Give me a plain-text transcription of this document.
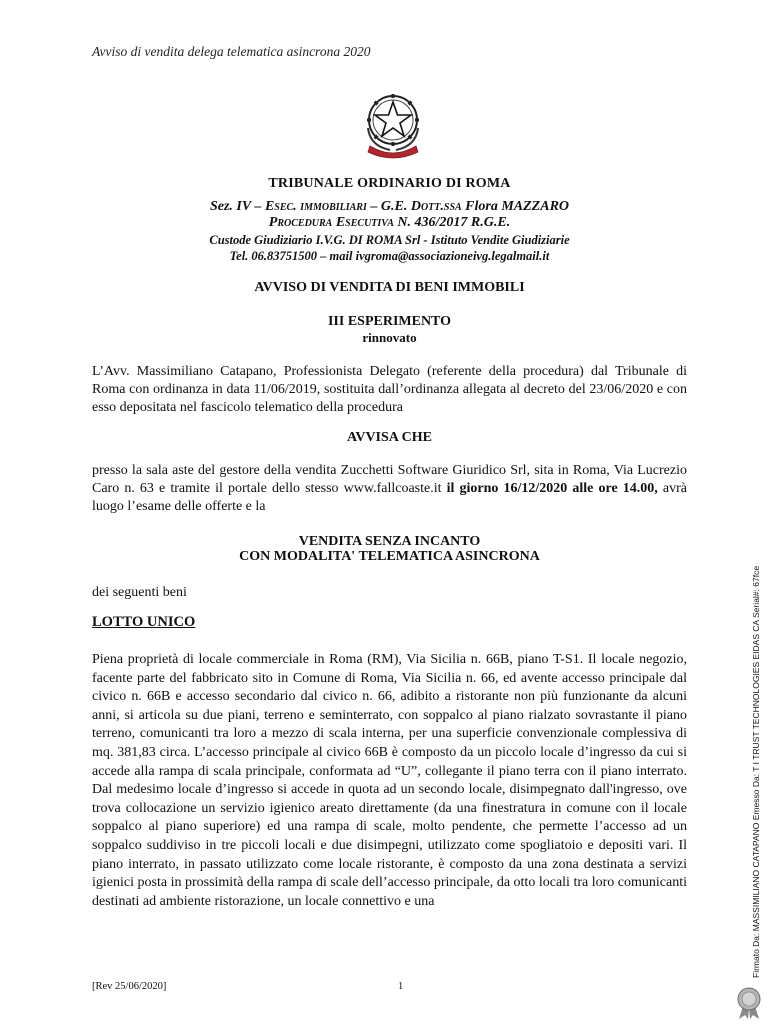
Avviso di vendita delega telematica asincrona 2020
TRIBUNALE ORDINARIO DI ROMA
Sez. IV – Esec. immobiliari – G.E. Dott.ssa Flora MAZZARO
Procedura Esecutiva N. 436/2017 R.G.E.
Custode Giudiziario I.V.G. DI ROMA Srl - Istituto Vendite Giudiziarie
Tel. 06.83751500 – mail ivgroma@associazioneivg.legalmail.it
AVVISO DI VENDITA DI BENI IMMOBILI
III ESPERIMENTO
rinnovato
L’Avv. Massimiliano Catapano, Professionista Delegato (referente della procedura) dal Tribunale di Roma con ordinanza in data 11/06/2019, sostituita dall’ordinanza allegata al decreto del 23/06/2020 e con esso depositata nel fascicolo telematico della procedura
AVVISA CHE
presso la sala aste del gestore della vendita Zucchetti Software Giuridico Srl, sita in Roma, Via Lucrezio Caro n. 63 e tramite il portale dello stesso www.fallcoaste.it il giorno 16/12/2020 alle ore 14.00, avrà luogo l’esame delle offerte e la
VENDITA SENZA INCANTO
CON MODALITA' TELEMATICA ASINCRONA
dei seguenti beni
LOTTO UNICO
Piena proprietà di locale commerciale in Roma (RM), Via Sicilia n. 66B, piano T-S1. Il locale negozio, facente parte del fabbricato sito in Comune di Roma, Via Sicilia n. 66, ed avente accesso principale dal civico n. 66B e accesso secondario dal civico n. 66, adibito a ristorante non più funzionante da alcuni anni, si articola su due piani, terreno e seminterrato, con soppalco al piano rialzato sovrastante il piano terreno, comunicanti tra loro a mezzo di scala interna, per una superficie convenzionale complessiva di mq. 381,83 circa. L’accesso principale al civico 66B è composto da un piccolo locale d’ingresso da cui si accede alla rampa di scala principale, conformata ad “U”, collegante il piano terra con il piano interrato. Dal medesimo locale d’ingresso si accede in quota ad un secondo locale, disimpegnato dall'ingresso, ove trova collocazione un servizio igienico areato direttamente (da una finestratura in comune con il locale soppalco al piano superiore) ed una rampa di scale, molto pendente, che permette l’accesso ad un soppalco suddiviso in tre piccoli locali e due disimpegni, utilizzato come spogliatoio e depositi vari. Il piano interrato, in passato utilizzato come locale ristorante, è composto da una zona destinata a servizi igienici posta in prossimità della rampa di scale dell’accesso principale, da otto locali tra loro comunicanti destinati ad ambiente ristorazione, un locale connettivo e una
[Rev 25/06/2020]	1
Firmato Da: MASSIMILIANO CATAPANO Emesso Da: T I TRUST TECHNOLOGIES EIDAS CA Serial#: 67fce
